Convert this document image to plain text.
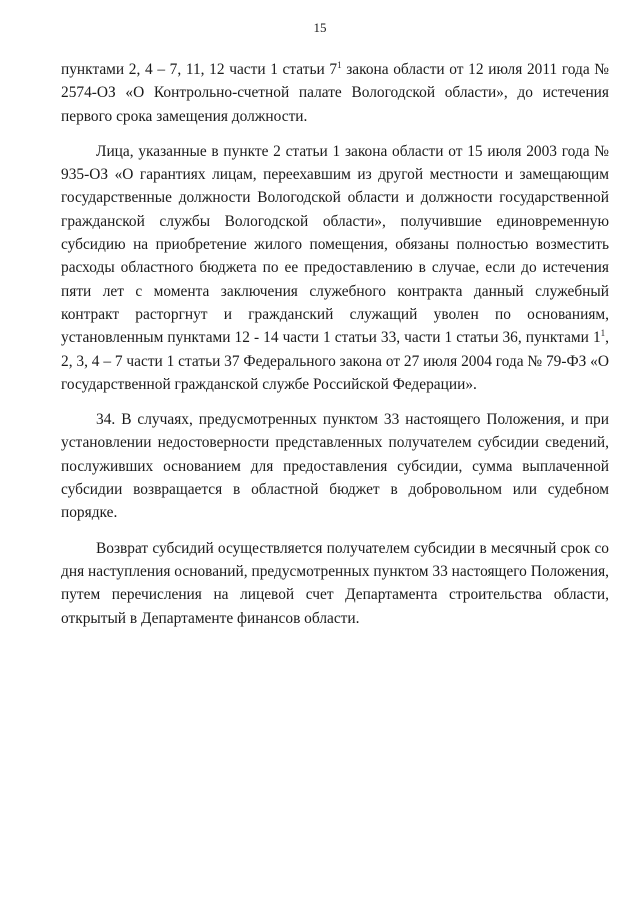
15

пунктами 2, 4 – 7, 11, 12 части 1 статьи $7^1$ закона области от 12 июля 2011 года № 2574-ОЗ «О Контрольно-счетной палате Вологодской области», до истечения первого срока замещения должности.

Лица, указанные в пункте 2 статьи 1 закона области от 15 июля 2003 года № 935-ОЗ «О гарантиях лицам, переехавшим из другой местности и замещающим государственные должности Вологодской области и должности государственной гражданской службы Вологодской области», получившие единовременную субсидию на приобретение жилого помещения, обязаны полностью возместить расходы областного бюджета по ее предоставлению в случае, если до истечения пяти лет с момента заключения служебного контракта данный служебный контракт расторгнут и гражданский служащий уволен по основаниям, установленным пунктами 12 - 14 части 1 статьи 33, части 1 статьи 36, пунктами $1^1$, 2, 3, 4 – 7 части 1 статьи 37 Федерального закона от 27 июля 2004 года № 79-ФЗ «О государственной гражданской службе Российской Федерации».

34. В случаях, предусмотренных пунктом 33 настоящего Положения, и при установлении недостоверности представленных получателем субсидии сведений, послуживших основанием для предоставления субсидии, сумма выплаченной субсидии возвращается в областной бюджет в добровольном или судебном порядке.

Возврат субсидий осуществляется получателем субсидии в месячный срок со дня наступления оснований, предусмотренных пунктом 33 настоящего Положения, путем перечисления на лицевой счет Департамента строительства области, открытый в Департаменте финансов области.
